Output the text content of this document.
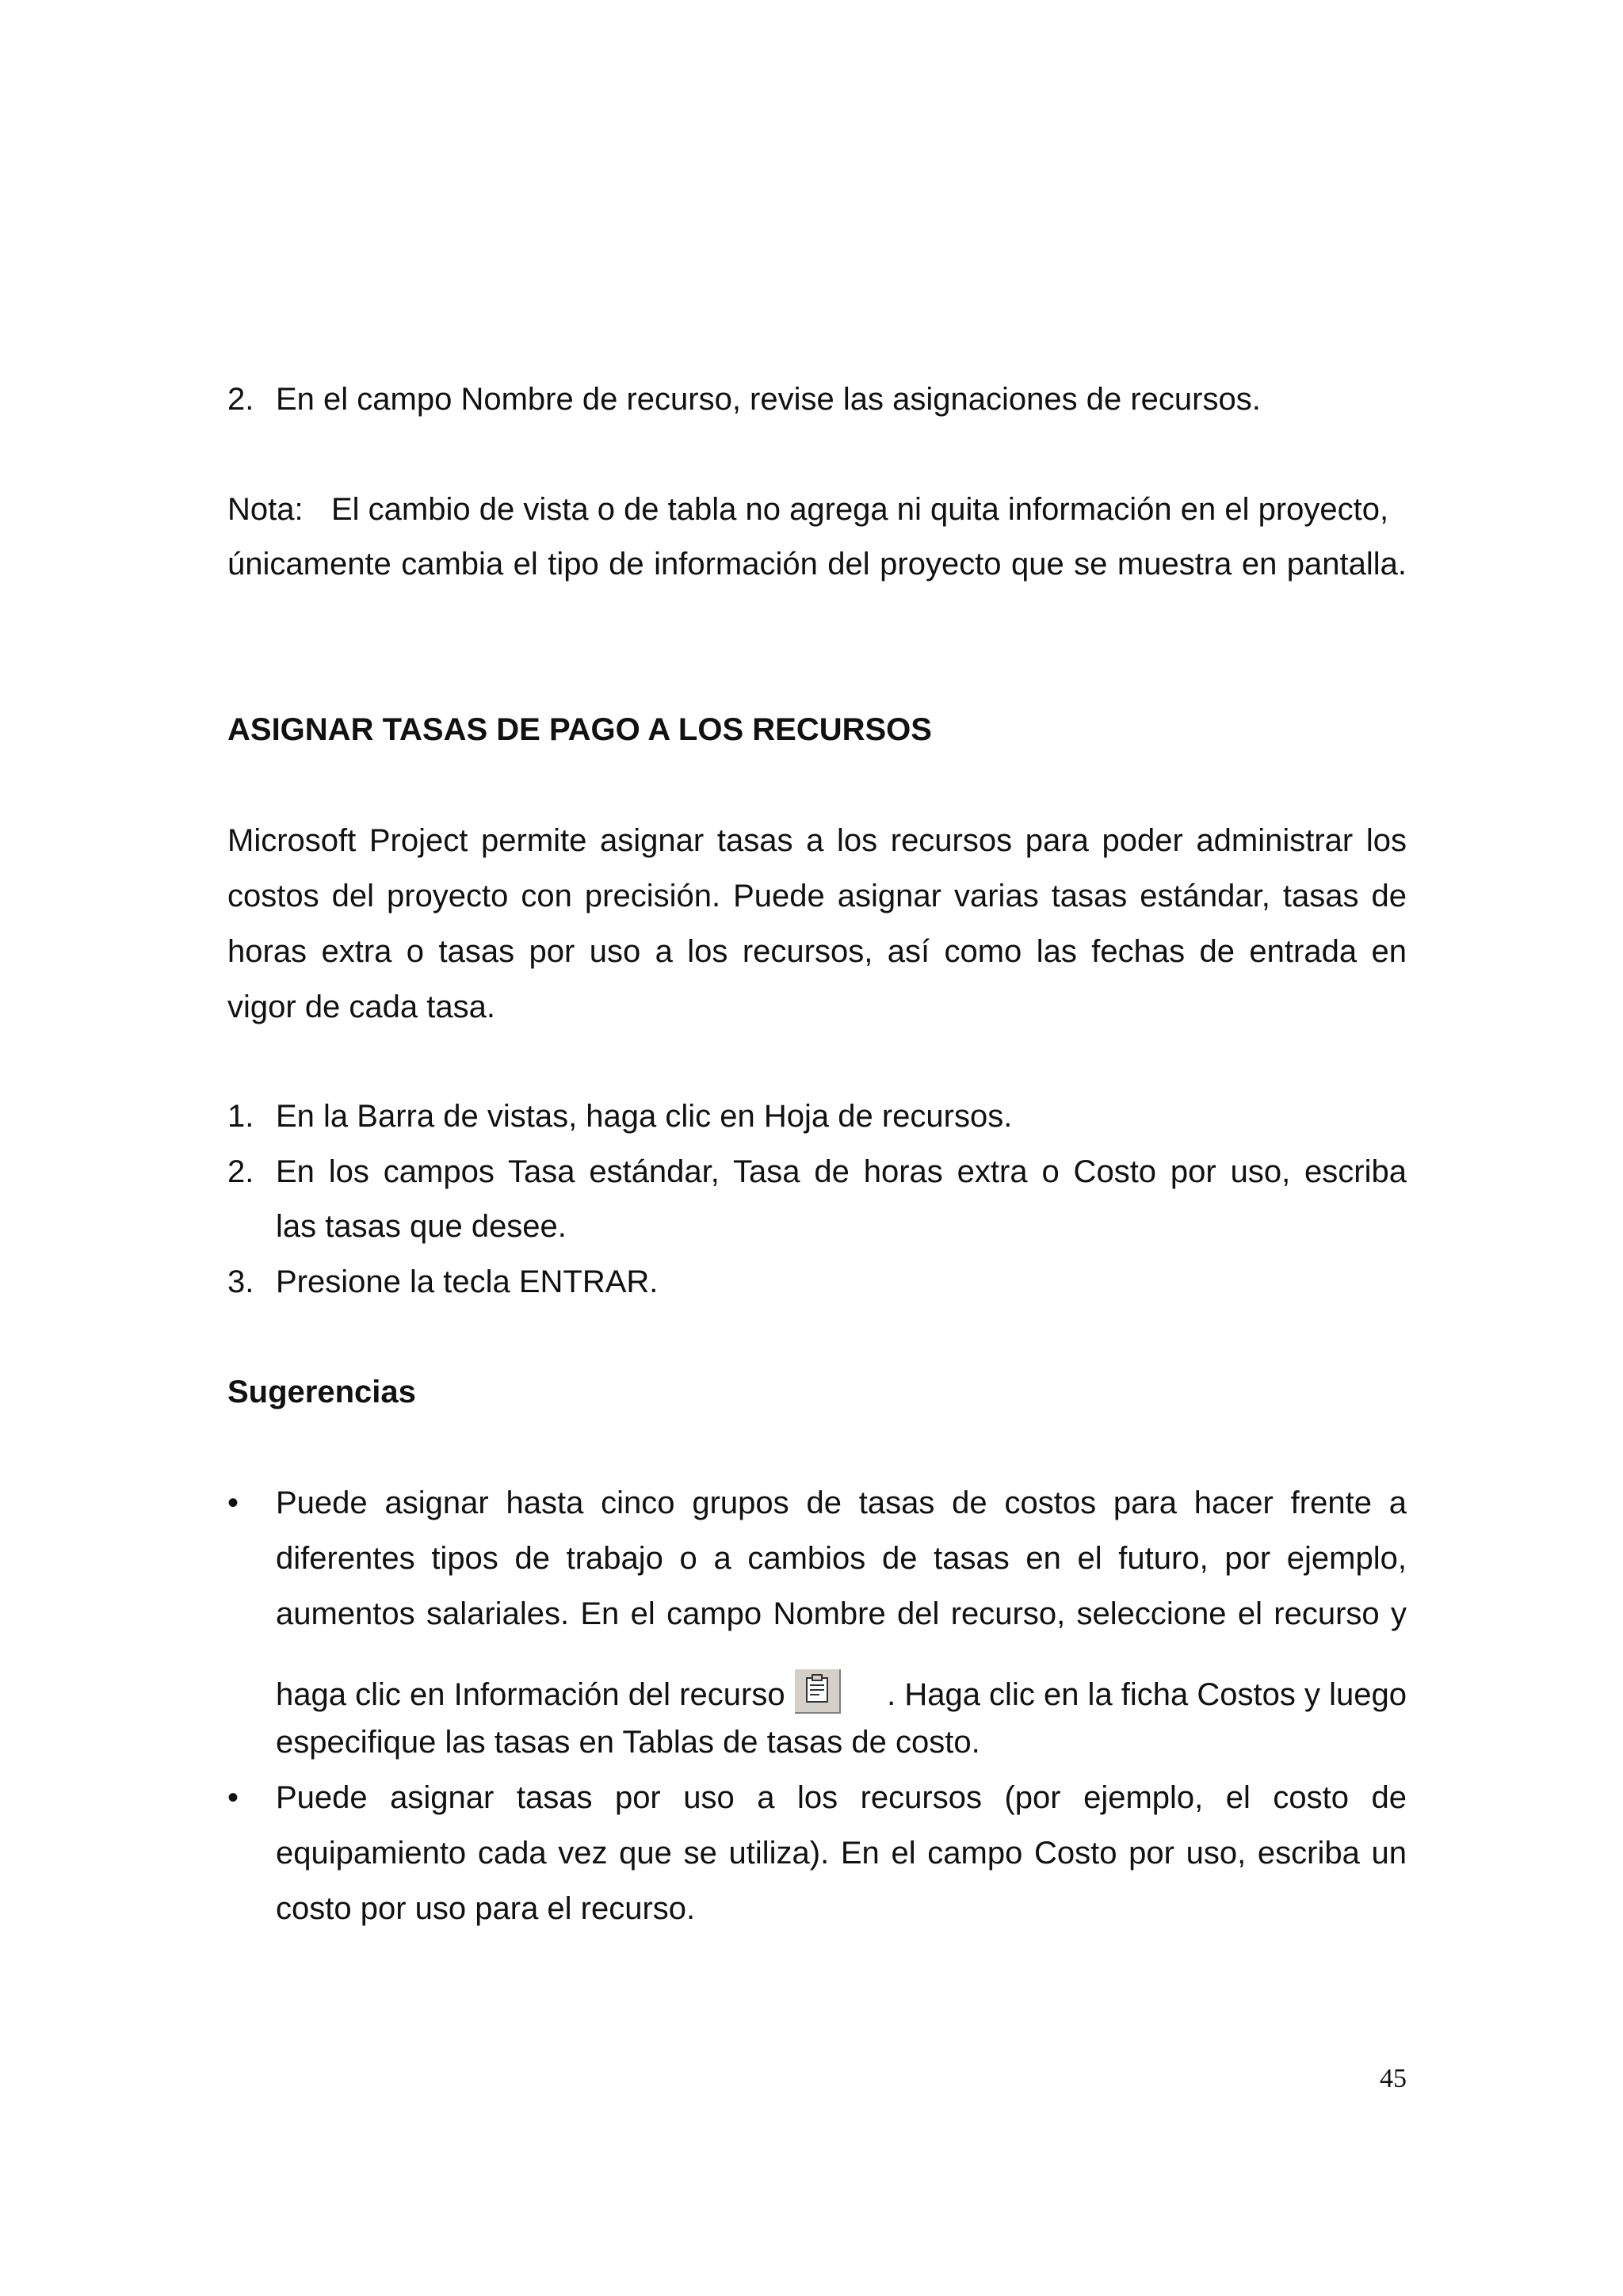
2. En el campo Nombre de recurso, revise las asignaciones de recursos.
Nota: El cambio de vista o de tabla no agrega ni quita información en el proyecto,
únicamente cambia el tipo de información del proyecto que se muestra en pantalla.
ASIGNAR TASAS DE PAGO A LOS RECURSOS
Microsoft Project permite asignar tasas a los recursos para poder administrar los
costos del proyecto con precisión. Puede asignar varias tasas estándar, tasas de
horas extra o tasas por uso a los recursos, así como las fechas de entrada en
vigor de cada tasa.
1. En la Barra de vistas, haga clic en Hoja de recursos.
2. En los campos Tasa estándar, Tasa de horas extra o Costo por uso, escriba
las tasas que desee.
3. Presione la tecla ENTRAR.
Sugerencias
• Puede asignar hasta cinco grupos de tasas de costos para hacer frente a
diferentes tipos de trabajo o a cambios de tasas en el futuro, por ejemplo,
aumentos salariales. En el campo Nombre del recurso, seleccione el recurso y
haga clic en Información del recurso	. Haga clic en la ficha Costos y luego
especifique las tasas en Tablas de tasas de costo.
• Puede asignar tasas por uso a los recursos (por ejemplo, el costo de
equipamiento cada vez que se utiliza). En el campo Costo por uso, escriba un
costo por uso para el recurso.
45
